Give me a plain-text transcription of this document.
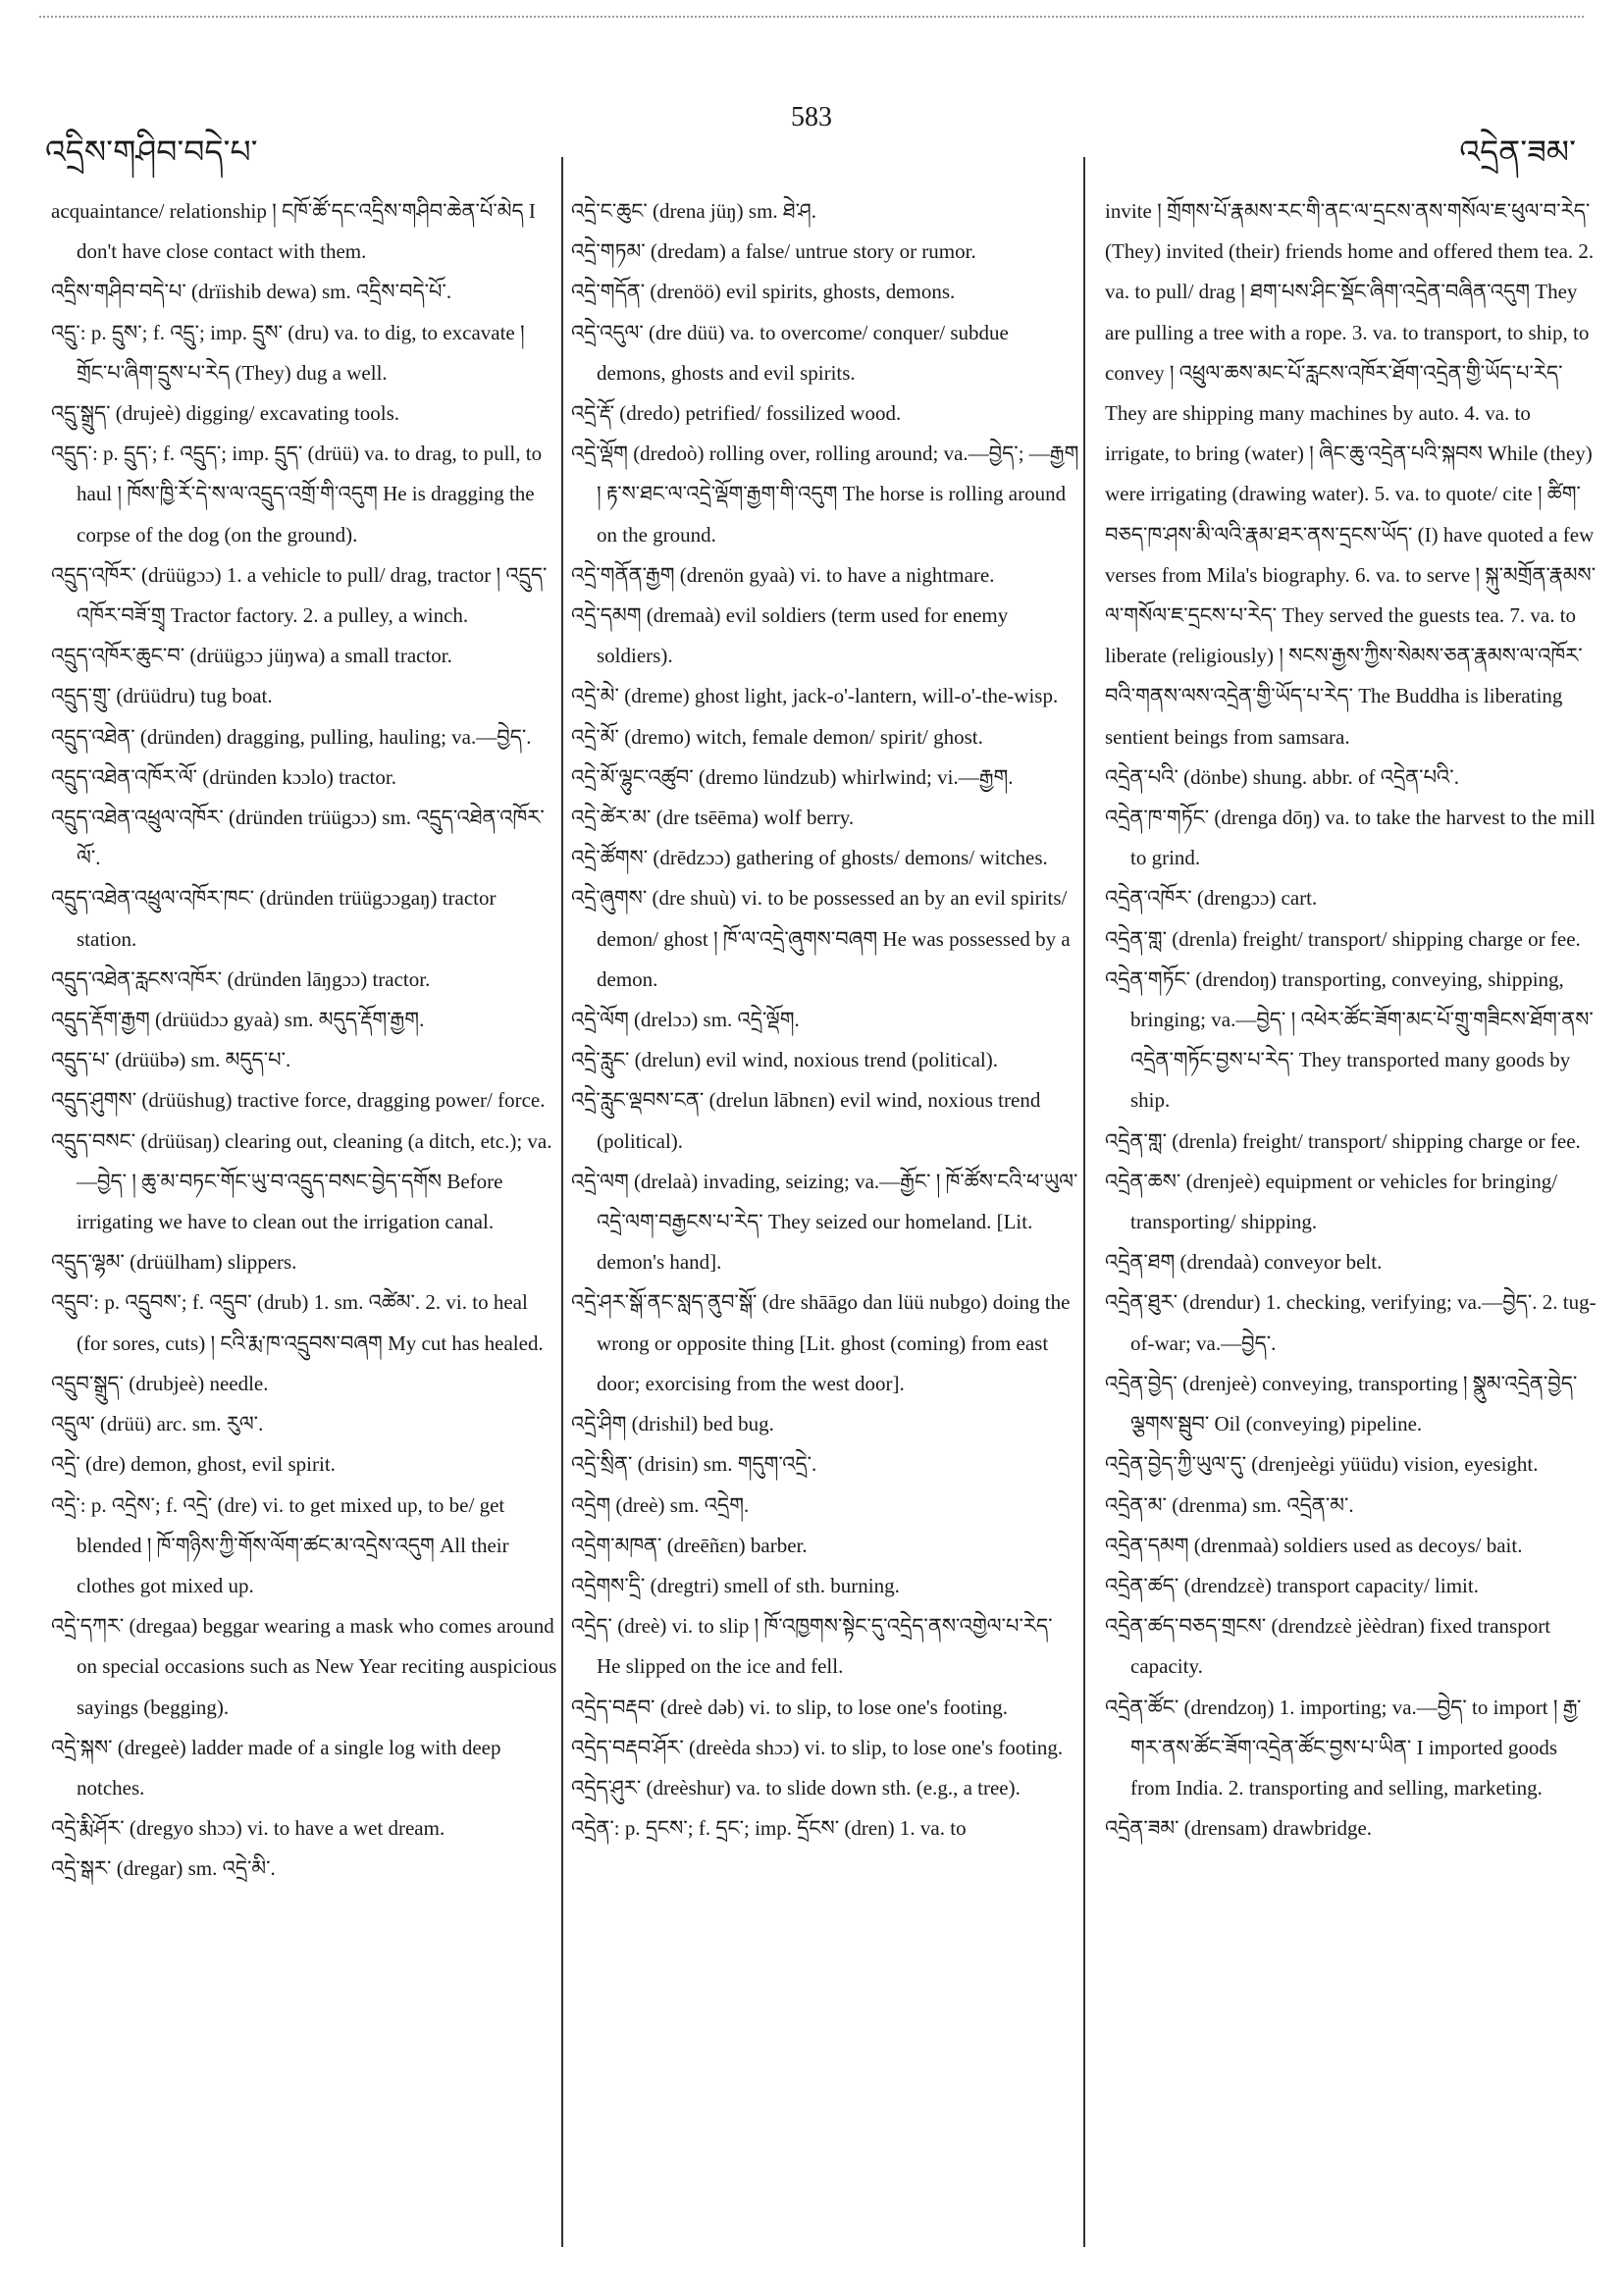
འདྲིས་གཤིབ་བདེ་པ་
583
འདྲེན་ཟམ་

acquaintance/ relationship ། ངཁོ་ཚོ་དང་འདྲིས་གཤིབ་ཆེན་པོ་མེད I don't have close contact with them.

འདྲིས་གཤིབ་བདེ་པ་ (drïishib dewa) sm. འདྲིས་བདེ་པོ་.

འདྲུ་: p. དྲུས་; f. འདྲུ་; imp. དྲུས་ (dru) va. to dig, to excavate ། གྲོང་པ་ཞིག་དྲུས་པ་རེད (They) dug a well.

འདྲུ་སྒྲུད་ (drujeè) digging/ excavating tools.

འདྲུད་: p. དྲུད་; f. འདྲུད་; imp. དྲུད་ (drüü) va. to drag, to pull, to haul ། ཁོས་ཁྱི་རོ་དེ་ས་ལ་འདྲུད་འགྲོ་གི་འདུག He is dragging the corpse of the dog (on the ground).

འདྲུད་འཁོར་ (drüügɔɔ) 1. a vehicle to pull/ drag, tractor ། འདྲུད་འཁོར་བཟོ་གྲྭ Tractor factory. 2. a pulley, a winch.

འདྲུད་འཁོར་ཆུང་བ་ (drüügɔɔ jüŋwa) a small tractor.

འདྲུད་གྲུ་ (drüüdru) tug boat.

འདྲུད་འཐེན་ (dründen) dragging, pulling, hauling; va.—བྱེད་.

འདྲུད་འཐེན་འཁོར་ལོ་ (dründen kɔɔlo) tractor.

འདྲུད་འཐེན་འཕྲུལ་འཁོར་ (dründen trüügɔɔ) sm. འདྲུད་འཐེན་འཁོར་ལོ་.

འདྲུད་འཐེན་འཕྲུལ་འཁོར་ཁང་ (dründen trüügɔɔgaŋ) tractor station.

འདྲུད་འཐེན་རླངས་འཁོར་ (dründen lāŋgɔɔ) tractor.

འདྲུད་རྡོག་རྒྱག (drüüdɔɔ gyaà) sm. མདུད་རྡོག་རྒྱག.

འདྲུད་པ་ (drüübə) sm. མདུད་པ་.

འདྲུད་ཤུགས་ (drüüshug) tractive force, dragging power/ force.

འདྲུད་བསང་ (drüüsaŋ) clearing out, cleaning (a ditch, etc.); va.—བྱེད་ ། ཆུ་མ་བཏང་གོང་ཡུ་བ་འདྲུད་བསང་བྱེད་དགོས Before irrigating we have to clean out the irrigation canal.

འདྲུད་ལྷམ་ (drüülham) slippers.

འདྲུབ་: p. འདྲུབས་; f. འདྲུབ་ (drub) 1. sm. འཚེམ་. 2. vi. to heal (for sores, cuts) ། ངའི་རྨ་ཁ་འདྲུབས་བཞག My cut has healed.

འདྲུབ་སྒྲུད་ (drubjeè) needle.

འདྲུལ་ (drüü) arc. sm. རུལ་.

འདྲེ་ (dre) demon, ghost, evil spirit.

འདྲེ་: p. འདྲེས་; f. འདྲེ་ (dre) vi. to get mixed up, to be/ get blended ། ཁོ་གཉིས་ཀྱི་གོས་ལོག་ཚང་མ་འདྲེས་འདུག All their clothes got mixed up.

འདྲེ་དཀར་ (dregaa) beggar wearing a mask who comes around on special occasions such as New Year reciting auspicious sayings (begging).

འདྲེ་སྐས་ (dregeè) ladder made of a single log with deep notches.

འདྲེ་རྨི་ཤོར་ (dregyo shɔɔ) vi. to have a wet dream.

འདྲེ་སྒར་ (dregar) sm. འདྲེ་མི་.

འདྲེ་ང་ཆུང་ (drena jüŋ) sm. ཐེ་ཤ.

འདྲེ་གཏམ་ (dredam) a false/ untrue story or rumor.

འདྲེ་གདོན་ (drenöö) evil spirits, ghosts, demons.

འདྲེ་འདུལ་ (dre düü) va. to overcome/ conquer/ subdue demons, ghosts and evil spirits.

འདྲེ་རྡོ་ (dredo) petrified/ fossilized wood.

འདྲེ་ལྡོག (dredoò) rolling over, rolling around; va.—བྱེད་; —རྒྱག ། རྟ་ས་ཐང་ལ་འདྲེ་ལྡོག་རྒྱག་གི་འདུག The horse is rolling around on the ground.

འདྲེ་གནོན་རྒྱག (drenön gyaà) vi. to have a nightmare.

འདྲེ་དམག (dremaà) evil soldiers (term used for enemy soldiers).

འདྲེ་མེ་ (dreme) ghost light, jack-o'-lantern, will-o'-the-wisp.

འདྲེ་མོ་ (dremo) witch, female demon/ spirit/ ghost.

འདྲེ་མོ་ལྷུང་འཚུབ་ (dremo lündzub) whirlwind; vi.—རྒྱག.

འདྲེ་ཚེར་མ་ (dre tsēēma) wolf berry.

འདྲེ་ཚོགས་ (drēdzɔɔ) gathering of ghosts/ demons/ witches.

འདྲེ་ཞུགས་ (dre shuù) vi. to be possessed an by an evil spirits/ demon/ ghost ། ཁོ་ལ་འདྲེ་ཞུགས་བཞག He was possessed by a demon.

འདྲེ་ལོག (drelɔɔ) sm. འདྲེ་ལྡོག.

འདྲེ་རླུང་ (drelun) evil wind, noxious trend (political).

འདྲེ་རླུང་ལྡབས་ངན་ (drelun lābnɛn) evil wind, noxious trend (political).

འདྲེ་ལག (drelaà) invading, seizing; va.—རྒྱོང་ ། ཁོ་ཚོས་ངའི་ཕ་ཡུལ་འདྲེ་ལག་བརྒྱངས་པ་རེད་ They seized our homeland. [Lit. demon's hand].

འདྲེ་ཤར་སྒོ་ནང་སླད་ནུབ་སྒོ་ (dre shāāgo dan lüü nubgo) doing the wrong or opposite thing [Lit. ghost (coming) from east door; exorcising from the west door].

འདྲེ་ཤིག (drishil) bed bug.

འདྲེ་སྲིན་ (drisin) sm. གདུག་འདྲེ་.

འདྲེག (dreè) sm. འདྲེག.

འདྲེག་མཁན་ (dreēñɛn) barber.

འདྲེགས་དྲི་ (dregtri) smell of sth. burning.

འདྲེད་ (dreè) vi. to slip ། ཁོ་འཁྱགས་སྟེང་དུ་འདྲེད་ནས་འགྱེལ་པ་རེད་ He slipped on the ice and fell.

འདྲེད་བརྡབ་ (dreè dəb) vi. to slip, to lose one's footing.

འདྲེད་བརྡབ་ཤོར་ (dreèda shɔɔ) vi. to slip, to lose one's footing.

འདྲེད་ཤུར་ (dreèshur) va. to slide down sth. (e.g., a tree).

འདྲེན་: p. དྲངས་; f. དྲང་; imp. དྲོངས་ (dren) 1. va. to

invite ། གྲོགས་པོ་རྣམས་རང་གི་ནང་ལ་དྲངས་ནས་གསོལ་ཇ་ཕུལ་བ་རེད་ (They) invited (their) friends home and offered them tea. 2. va. to pull/ drag ། ཐག་པས་ཤིང་སྡོང་ཞིག་འདྲེན་བཞིན་འདུག They are pulling a tree with a rope. 3. va. to transport, to ship, to convey ། འཕྲུལ་ཆས་མང་པོ་རླངས་འཁོར་ཐོག་འདྲེན་གྱི་ཡོད་པ་རེད་ They are shipping many machines by auto. 4. va. to irrigate, to bring (water) ། ཞིང་ཆུ་འདྲེན་པའི་སྐབས While (they) were irrigating (drawing water). 5. va. to quote/ cite ། ཚིག་བཅད་ཁ་ཤས་མི་ལའི་རྣམ་ཐར་ནས་དྲངས་ཡོད་ (I) have quoted a few verses from Mila's biography. 6. va. to serve ། སྐུ་མགྲོན་རྣམས་ལ་གསོལ་ཇ་དྲངས་པ་རེད་ They served the guests tea. 7. va. to liberate (religiously) ། སངས་རྒྱས་ཀྱིས་སེམས་ཅན་རྣམས་ལ་འཁོར་བའི་གནས་ལས་འདྲེན་གྱི་ཡོད་པ་རེད་ The Buddha is liberating sentient beings from samsara.

འདྲེན་པའི་ (dönbe) shung. abbr. of འདྲེན་པའི་.

འདྲེན་ཁ་གཏོང་ (drenga dōŋ) va. to take the harvest to the mill to grind.

འདྲེན་འཁོར་ (drengɔɔ) cart.

འདྲེན་གླ་ (drenla) freight/ transport/ shipping charge or fee.

འདྲེན་གཏོང་ (drendoŋ) transporting, conveying, shipping, bringing; va.—བྱེད་ ། འཕེར་ཚོང་ཟོག་མང་པོ་གྲུ་གཟིངས་ཐོག་ནས་འདྲེན་གཏོང་བྱས་པ་རེད་ They transported many goods by ship.

འདྲེན་གླ་ (drenla) freight/ transport/ shipping charge or fee.

འདྲེན་ཆས་ (drenjeè) equipment or vehicles for bringing/ transporting/ shipping.

འདྲེན་ཐག (drendaà) conveyor belt.

འདྲེན་ཐུར་ (drendur) 1. checking, verifying; va.—བྱེད་. 2. tug-of-war; va.—བྱེད་.

འདྲེན་བྱེད་ (drenjeè) conveying, transporting ། སྣུམ་འདྲེན་བྱེད་ལྕགས་སྦུབ་ Oil (conveying) pipeline.

འདྲེན་བྱེད་ཀྱི་ཡུལ་དུ་ (drenjeègi yüüdu) vision, eyesight.

འདྲེན་མ་ (drenma) sm. འདྲེན་མ་.

འདྲེན་དམག (drenmaà) soldiers used as decoys/ bait.

འདྲེན་ཚད་ (drendzɛè) transport capacity/ limit.

འདྲེན་ཚད་བཅད་གྲངས་ (drendzɛè jèèdran) fixed transport capacity.

འདྲེན་ཚོང་ (drendzoŋ) 1. importing; va.—བྱེད་ to import ། རྒྱ་གར་ནས་ཚོང་ཟོག་འདྲེན་ཚོང་བྱས་པ་ཡིན་ I imported goods from India. 2. transporting and selling, marketing.

འདྲེན་ཟམ་ (drensam) drawbridge.
